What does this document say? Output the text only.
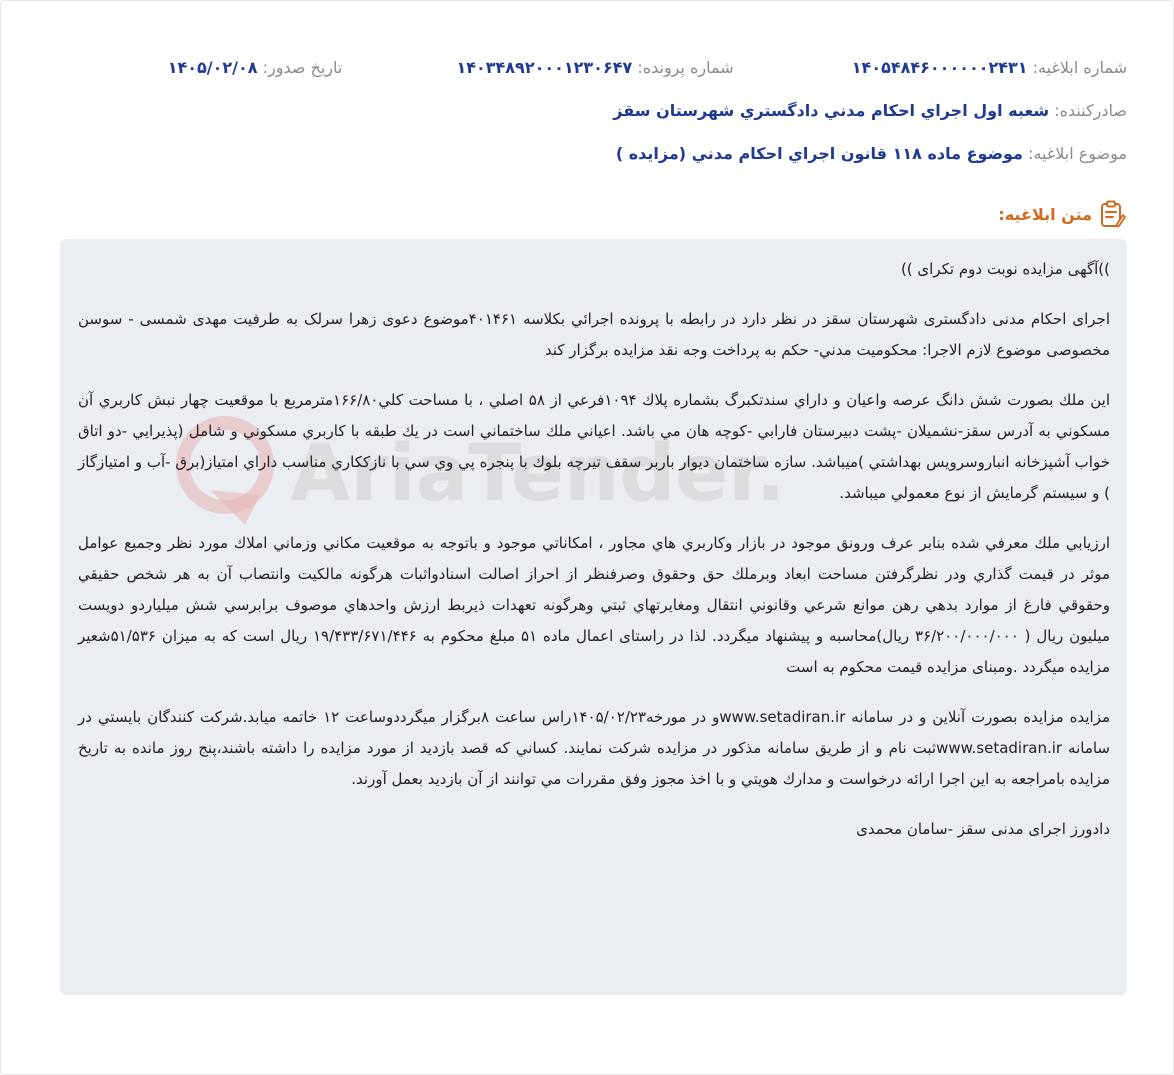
شماره ابلاغيه: ۱۴۰۵۴۸۴۶۰۰۰۰۰۰۲۴۳۱ شماره پرونده: ۱۴۰۳۴۸۹۲۰۰۰۱۲۳۰۶۴۷ تاريخ صدور: ۱۴۰۵/۰۲/۰۸
صادرکننده: شعبه اول اجراي احکام مدني دادگستري شهرستان سقز
موضوع ابلاغيه: موضوع ماده ۱۱۸ قانون اجراي احکام مدني (مزايده )
متن ابلاغيه:
AriaTender.

))آگهی مزایده نوبت دوم تکرای ))

اجرای احکام مدنی دادگستری شهرستان سقز در نظر دارد در رابطه با پرونده اجرائي بکلاسه ۴۰۱۴۶۱موضوع دعوی زهرا سرلک به طرفیت مهدی شمسی - سوسن مخصوصی موضوع لازم الاجرا: محکوميت مدني- حکم به پرداخت وجه نقد مزایده برگزار کند

این ملك بصورت شش دانگ عرصه واعيان و داراي سندتکبرگ بشماره پلاك ۱۰۹۴فرعي از ۵۸ اصلي ، با مساحت کلي۱۶۶/۸۰مترمربع با موقعيت چهار نبش کاربري آن مسکوني به آدرس سقز-نشمیلان -پشت دبیرستان فارابي -کوچه هان مي باشد. اعياني ملك ساختماني است در يك طبقه با کاربري مسکوني و شامل (پذيرايي -دو اتاق خواب آشپزخانه انباروسرويس بهداشتي )ميباشد. سازه ساختمان ديوار باربر سقف تيرچه بلوك با پنجره پي وي سي با نازککاري مناسب داراي امتياز(برق -آب و امتيازگاز ) و سيستم گرمايش از نوع معمولي ميباشد.

ارزيابي ملك معرفي شده بنابر عرف ورونق موجود در بازار وکاربري هاي مجاور ، امکاناتي موجود و باتوجه به موقعيت مکاني وزماني املاك مورد نظر وجميع عوامل موثر در قيمت گذاري ودر نظرگرفتن مساحت ابعاد وبرملك حق وحقوق وصرفنظر از احراز اصالت اسنادواثبات هرگونه مالکيت وانتصاب آن به هر شخص حقيقي وحقوقي فارغ از موارد بدهي رهن موانع شرعي وقانوني انتقال ومغايرتهاي ثبتي وهرگونه تعهدات ذيربط ارزش واحدهاي موصوف برابرسي شش ميلياردو دويست ميليون ريال ( ۳۶/۲۰۰/۰۰۰/۰۰۰ ريال)محاسبه و پيشنهاد ميگردد. لذا در راستای اعمال ماده ۵۱ مبلغ محکوم به ۱۹/۴۳۳/۶۷۱/۴۴۶ ریال است که به میزان ۵۱/۵۳۶شعیر مزایده میگردد .ومبنای مزایده قیمت محکوم به است

مزایده مزایده بصورت آنلاین و در سامانه www.setadiran.irو در مورخه۱۴۰۵/۰۲/۲۳راس ساعت ۸برگزار میگرددوساعت ۱۲ خاتمه میابد.شرکت کنندگان بايستي در سامانه www.setadiran.irثبت نام و از طريق سامانه مذکور در مزايده شرکت نمايند. کساني که قصد بازديد از مورد مزايده را داشته باشند،پنج روز مانده به تاريخ مزايده بامراجعه به اين اجرا ارائه درخواست و مدارك هويتي و با اخذ مجوز وفق مقررات مي توانند از آن بازديد بعمل آورند.

دادورز اجرای مدنی سقز -سامان محمدی
